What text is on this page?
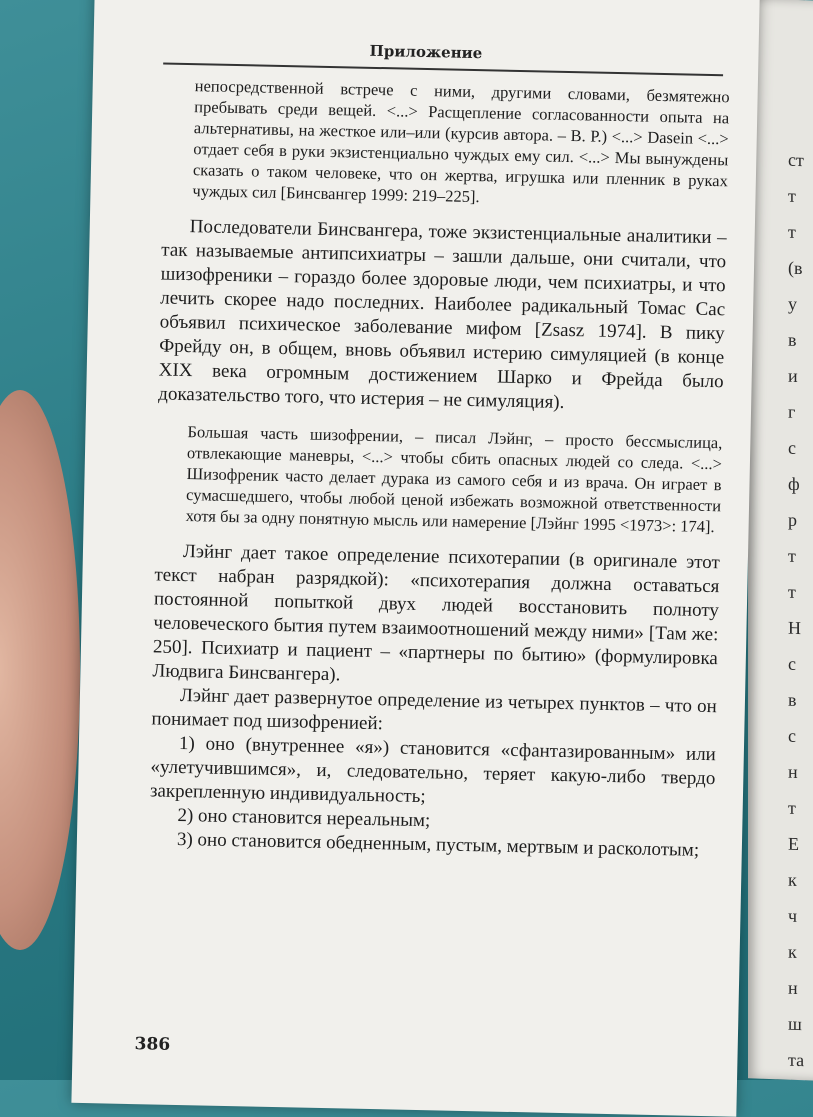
ст
т
т
(в
у
в
и
г
с
ф
р
т
т
Н
с
в
с
н
т
Е
к
ч
к
н
ш
та
Приложение

непосредственной встрече с ними, другими словами, безмятежно пребывать среди вещей. <...> Расщепление согласованности опыта на альтернативы, на жесткое или–или (курсив автора. – В. Р.) <...> Dasein <...> отдает себя в руки экзистенциально чуждых ему сил. <...> Мы вынуждены сказать о таком человеке, что он жертва, игрушка или пленник в руках чуждых сил [Бинсвангер 1999: 219–225].

Последователи Бинсвангера, тоже экзистенциальные аналитики – так называемые антипсихиатры – зашли дальше, они считали, что шизофреники – гораздо более здоровые люди, чем психиатры, и что лечить скорее надо последних. Наиболее радикальный Томас Сас объявил психическое заболевание мифом [Zsasz 1974]. В пику Фрейду он, в общем, вновь объявил истерию симуляцией (в конце XIX века огромным достижением Шарко и Фрейда было доказательство того, что истерия – не симуляция).

Большая часть шизофрении, – писал Лэйнг, – просто бессмыслица, отвлекающие маневры, <...> чтобы сбить опасных людей со следа. <...> Шизофреник часто делает дурака из самого себя и из врача. Он играет в сумасшедшего, чтобы любой ценой избежать возможной ответственности хотя бы за одну понятную мысль или намерение [Лэйнг 1995 <1973>: 174].

Лэйнг дает такое определение психотерапии (в оригинале этот текст набран разрядкой): «психотерапия должна оставаться постоянной попыткой двух людей восстановить полноту человеческого бытия путем взаимоотношений между ними» [Там же: 250]. Психиатр и пациент – «партнеры по бытию» (формулировка Людвига Бинсвангера).

Лэйнг дает развернутое определение из четырех пунктов – что он понимает под шизофренией:

1) оно (внутреннее «я») становится «сфантазированным» или «улетучившимся», и, следовательно, теряет какую-либо твердо закрепленную индивидуальность;

2) оно становится нереальным;

3) оно становится обедненным, пустым, мертвым и расколотым;

386
